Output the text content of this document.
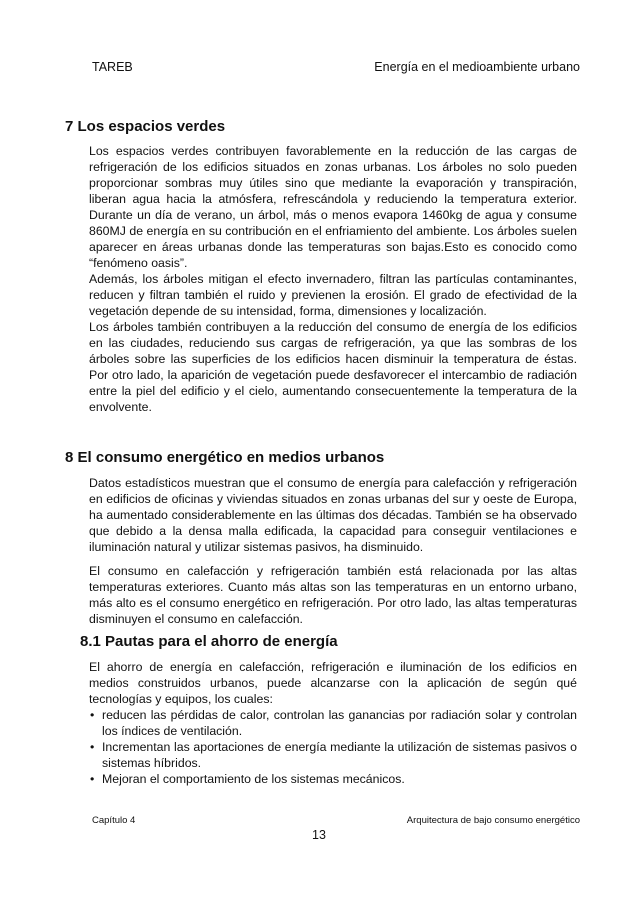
TAREB	Energía en el medioambiente urbano
7 Los espacios verdes

Los espacios verdes contribuyen favorablemente en la reducción de las cargas de refrigeración de los edificios situados en zonas urbanas. Los árboles no solo pueden proporcionar sombras muy útiles sino que mediante la evaporación y transpiración, liberan agua hacia la atmósfera, refrescándola y reduciendo la temperatura exterior. Durante un día de verano, un árbol, más o menos evapora 1460kg de agua y consume 860MJ de energía en su contribución en el enfriamiento del ambiente. Los árboles suelen aparecer en áreas urbanas donde las temperaturas son bajas.Esto es conocido como “fenómeno oasis”.

Además, los árboles mitigan el efecto invernadero, filtran las partículas contaminantes, reducen y filtran también el ruido y previenen la erosión. El grado de efectividad de la vegetación depende de su intensidad, forma, dimensiones y localización.

Los árboles también contribuyen a la reducción del consumo de energía de los edificios en las ciudades, reduciendo sus cargas de refrigeración, ya que las sombras de los árboles sobre las superficies de los edificios hacen disminuir la temperatura de éstas. Por otro lado, la aparición de vegetación puede desfavorecer el intercambio de radiación entre la piel del edificio y el cielo, aumentando consecuentemente la temperatura de la envolvente.

8 El consumo energético en medios urbanos

Datos estadísticos muestran que el consumo de energía para calefacción y refrigeración en edificios de oficinas y viviendas situados en zonas urbanas del sur y oeste de Europa, ha aumentado considerablemente en las últimas dos décadas. También se ha observado que debido a la densa malla edificada, la capacidad para conseguir ventilaciones e iluminación natural y utilizar sistemas pasivos, ha disminuido.

El consumo en calefacción y refrigeración también está relacionada por las altas temperaturas exteriores. Cuanto más altas son las temperaturas en un entorno urbano, más alto es el consumo energético en refrigeración. Por otro lado, las altas temperaturas disminuyen el consumo en calefacción.

8.1 Pautas para el ahorro de energía

El ahorro de energía en calefacción, refrigeración e iluminación de los edificios en medios construidos urbanos, puede alcanzarse con la aplicación de según qué tecnologías y equipos, los cuales:

• reducen las pérdidas de calor, controlan las ganancias por radiación solar y controlan los índices de ventilación.
• Incrementan las aportaciones de energía mediante la utilización de sistemas pasivos o sistemas híbridos.
• Mejoran el comportamiento de los sistemas mecánicos.
Capítulo 4	Arquitectura de bajo consumo energético
13
